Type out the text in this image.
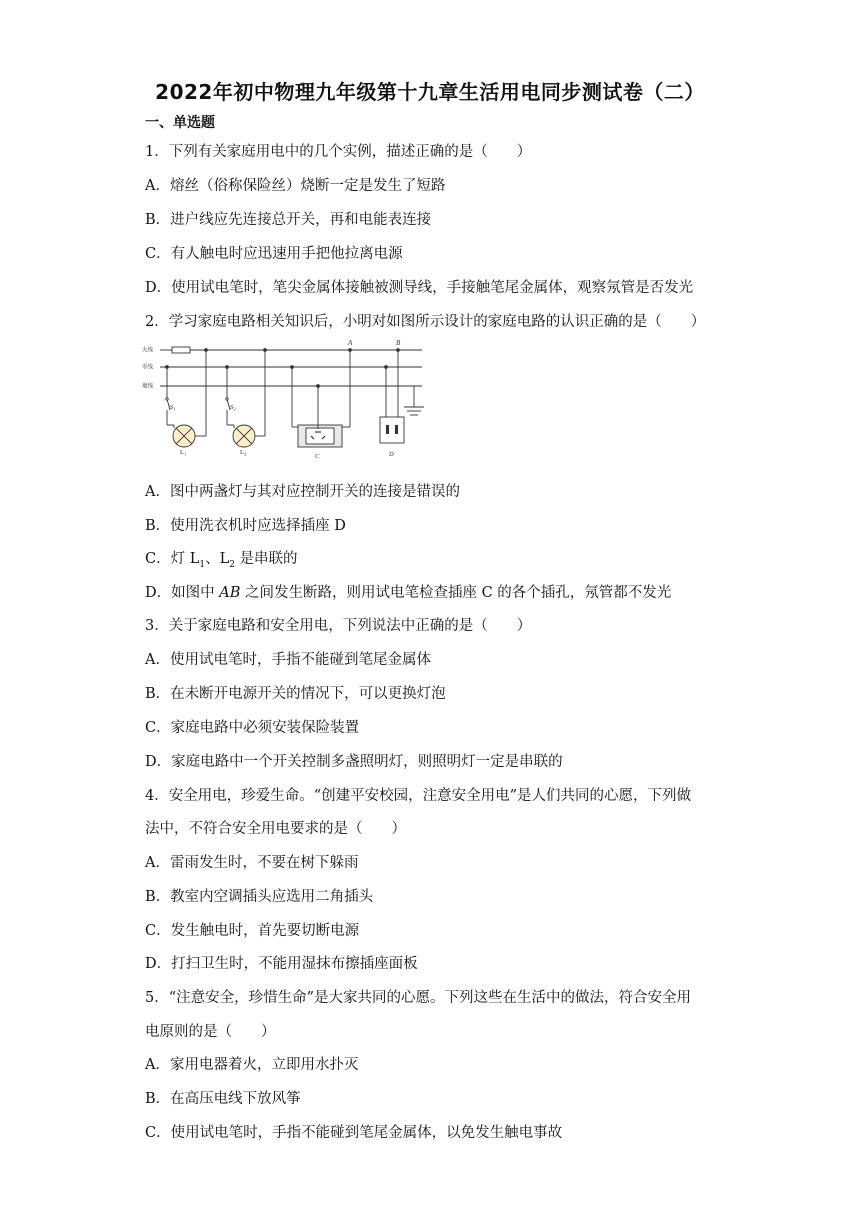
2022年初中物理九年级第十九章生活用电同步测试卷（二）
一、单选题
1．下列有关家庭用电中的几个实例，描述正确的是（　　）
A．熔丝（俗称保险丝）烧断一定是发生了短路
B．进户线应先连接总开关，再和电能表连接
C．有人触电时应迅速用手把他拉离电源
D．使用试电笔时，笔尖金属体接触被测导线，手接触笔尾金属体，观察氖管是否发光
2．学习家庭电路相关知识后，小明对如图所示设计的家庭电路的认识正确的是（　　）
火线
零线
地线
$S_1$
$L_1$
$S_2$
$L_2$
A
C
B
D
A．图中两盏灯与其对应控制开关的连接是错误的
B．使用洗衣机时应选择插座 D
C．灯 $L_1$、$L_2$ 是串联的
D．如图中 AB 之间发生断路，则用试电笔检查插座 C 的各个插孔，氖管都不发光
3．关于家庭电路和安全用电，下列说法中正确的是（　　）
A．使用试电笔时，手指不能碰到笔尾金属体
B．在未断开电源开关的情况下，可以更换灯泡
C．家庭电路中必须安装保险装置
D．家庭电路中一个开关控制多盏照明灯，则照明灯一定是串联的
4．安全用电，珍爱生命。“创建平安校园，注意安全用电”是人们共同的心愿，下列做
法中，不符合安全用电要求的是（　　）
A．雷雨发生时，不要在树下躲雨
B．教室内空调插头应选用二角插头
C．发生触电时，首先要切断电源
D．打扫卫生时，不能用湿抹布擦插座面板
5．“注意安全，珍惜生命”是大家共同的心愿。下列这些在生活中的做法，符合安全用
电原则的是（　　）
A．家用电器着火，立即用水扑灭
B．在高压电线下放风筝
C．使用试电笔时，手指不能碰到笔尾金属体，以免发生触电事故
